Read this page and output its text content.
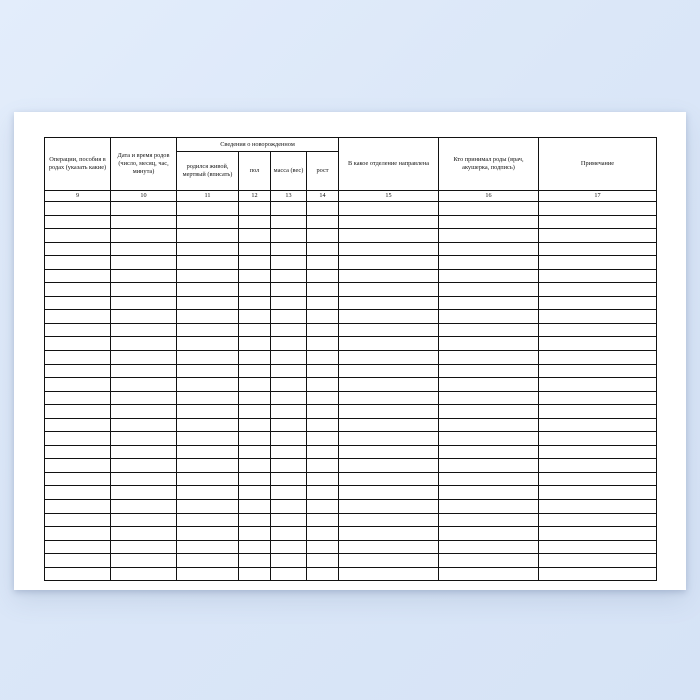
Операции, пособия в родах (указать какие)	Дата и время родов (число, месяц, час, минута)	Сведения о новорожденном				В какое отделение направлена	Кто принимал роды (врач, акушерка, подпись)	Примечание
		родился живой, мертвый (вписать)	пол	масса (вес)	рост			
9	10	11	12	13	14	15	16	17
